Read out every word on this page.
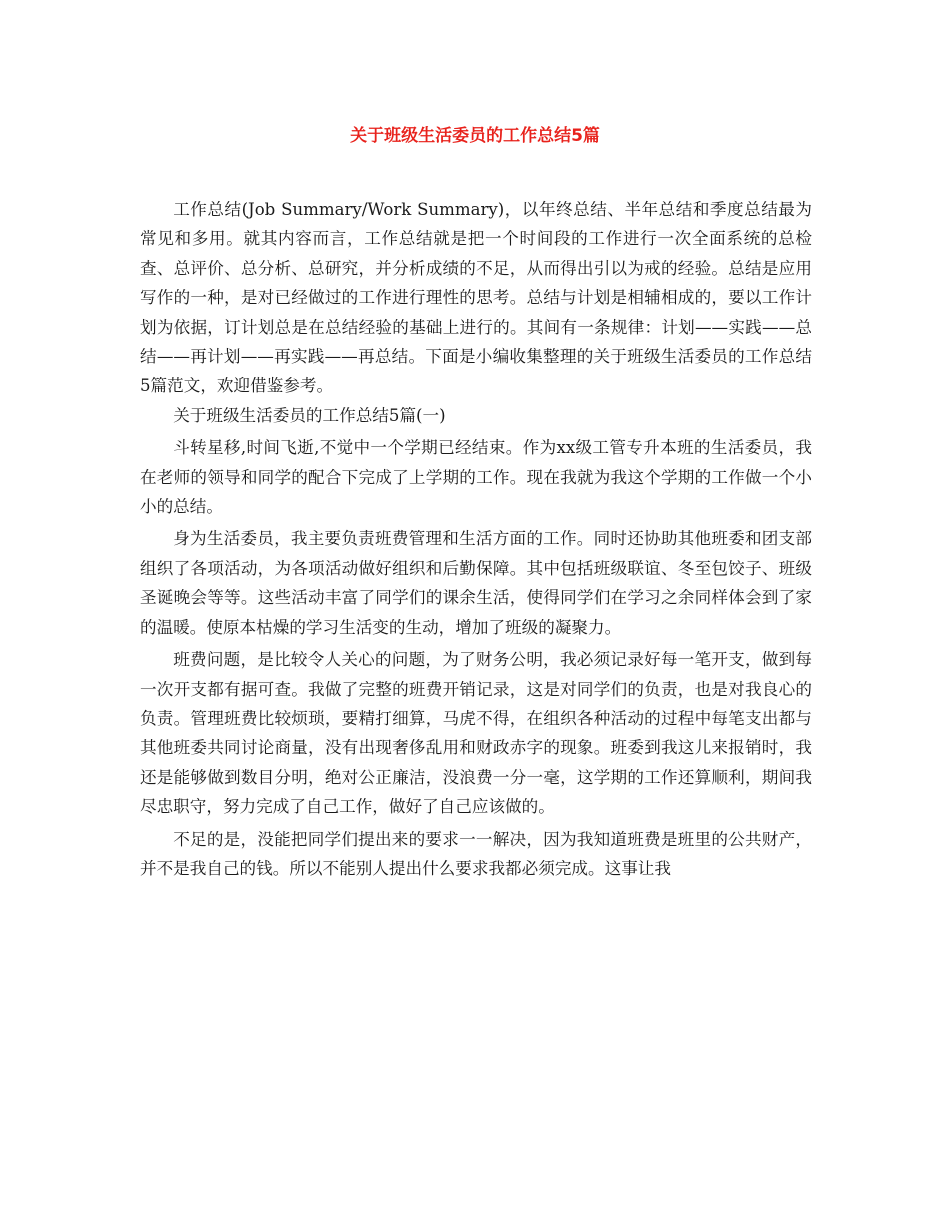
关于班级生活委员的工作总结5篇

工作总结(Job Summary/Work Summary)，以年终总结、半年总结和季度总结最为常见和多用。就其内容而言，工作总结就是把一个时间段的工作进行一次全面系统的总检查、总评价、总分析、总研究，并分析成绩的不足，从而得出引以为戒的经验。总结是应用写作的一种，是对已经做过的工作进行理性的思考。总结与计划是相辅相成的，要以工作计划为依据，订计划总是在总结经验的基础上进行的。其间有一条规律：计划——实践——总结——再计划——再实践——再总结。下面是小编收集整理的关于班级生活委员的工作总结5篇范文，欢迎借鉴参考。

关于班级生活委员的工作总结5篇(一)

斗转星移,时间飞逝,不觉中一个学期已经结束。作为xx级工管专升本班的生活委员，我在老师的领导和同学的配合下完成了上学期的工作。现在我就为我这个学期的工作做一个小小的总结。

身为生活委员，我主要负责班费管理和生活方面的工作。同时还协助其他班委和团支部组织了各项活动，为各项活动做好组织和后勤保障。其中包括班级联谊、冬至包饺子、班级圣诞晚会等等。这些活动丰富了同学们的课余生活，使得同学们在学习之余同样体会到了家的温暖。使原本枯燥的学习生活变的生动，增加了班级的凝聚力。

班费问题，是比较令人关心的问题，为了财务公明，我必须记录好每一笔开支，做到每一次开支都有据可查。我做了完整的班费开销记录，这是对同学们的负责，也是对我良心的负责。管理班费比较烦琐，要精打细算，马虎不得，在组织各种活动的过程中每笔支出都与其他班委共同讨论商量，没有出现奢侈乱用和财政赤字的现象。班委到我这儿来报销时，我还是能够做到数目分明，绝对公正廉洁，没浪费一分一毫，这学期的工作还算顺利，期间我尽忠职守，努力完成了自己工作，做好了自己应该做的。

不足的是，没能把同学们提出来的要求一一解决，因为我知道班费是班里的公共财产，并不是我自己的钱。所以不能别人提出什么要求我都必须完成。这事让我
